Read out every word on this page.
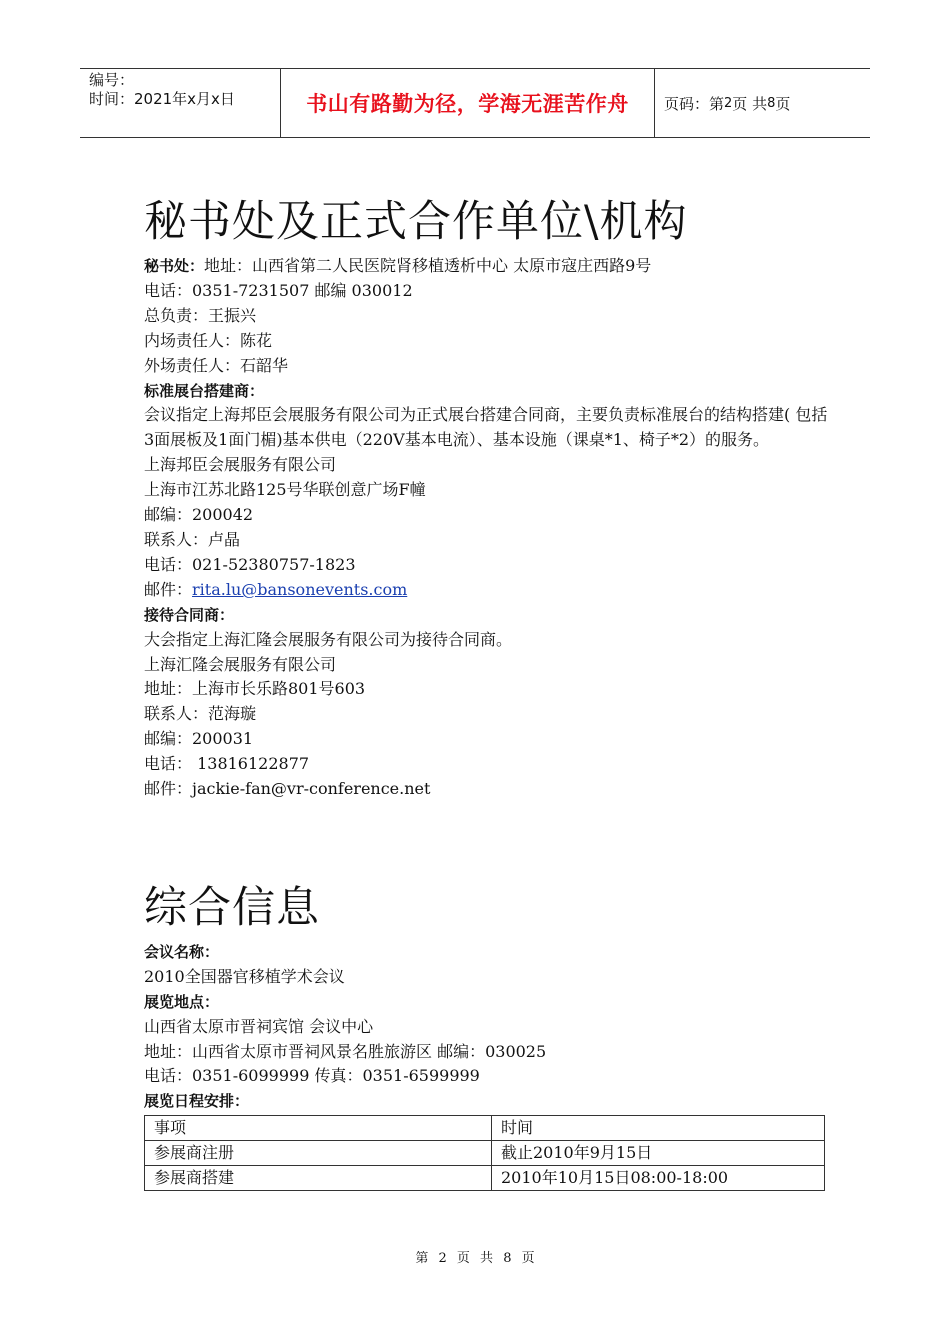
编号：
时间：2021年x月x日	书山有路勤为径，学海无涯苦作舟	页码：第 2 页 共 8 页
秘书处及正式合作单位\机构
秘书处：地址：山西省第二人民医院肾移植透析中心 太原市寇庄西路9号
电话：0351-7231507 邮编 030012
总负责：王振兴
内场责任人：陈花
外场责任人：石韶华
标准展台搭建商：
会议指定上海邦臣会展服务有限公司为正式展台搭建合同商，主要负责标准展台的结构搭建( 包括3面展板及1面门楣)基本供电（220V基本电流）、基本设施（课桌*1、椅子*2）的服务。
上海邦臣会展服务有限公司
上海市江苏北路125号华联创意广场F幢
邮编：200042
联系人：卢晶
电话：021-52380757-1823
邮件：rita.lu@bansonevents.com
接待合同商：
大会指定上海汇隆会展服务有限公司为接待合同商。
上海汇隆会展服务有限公司
地址：上海市长乐路801号603
联系人：范海璇
邮编：200031
电话： 13816122877
邮件：jackie-fan@vr-conference.net
综合信息
会议名称：
2010全国器官移植学术会议
展览地点：
山西省太原市晋祠宾馆 会议中心
地址：山西省太原市晋祠风景名胜旅游区 邮编：030025
电话：0351-6099999 传真：0351-6599999
展览日程安排：
事项	时间
参展商注册	截止2010年9月15日
参展商搭建	2010年10月15日08:00-18:00
第 2 页 共 8 页
